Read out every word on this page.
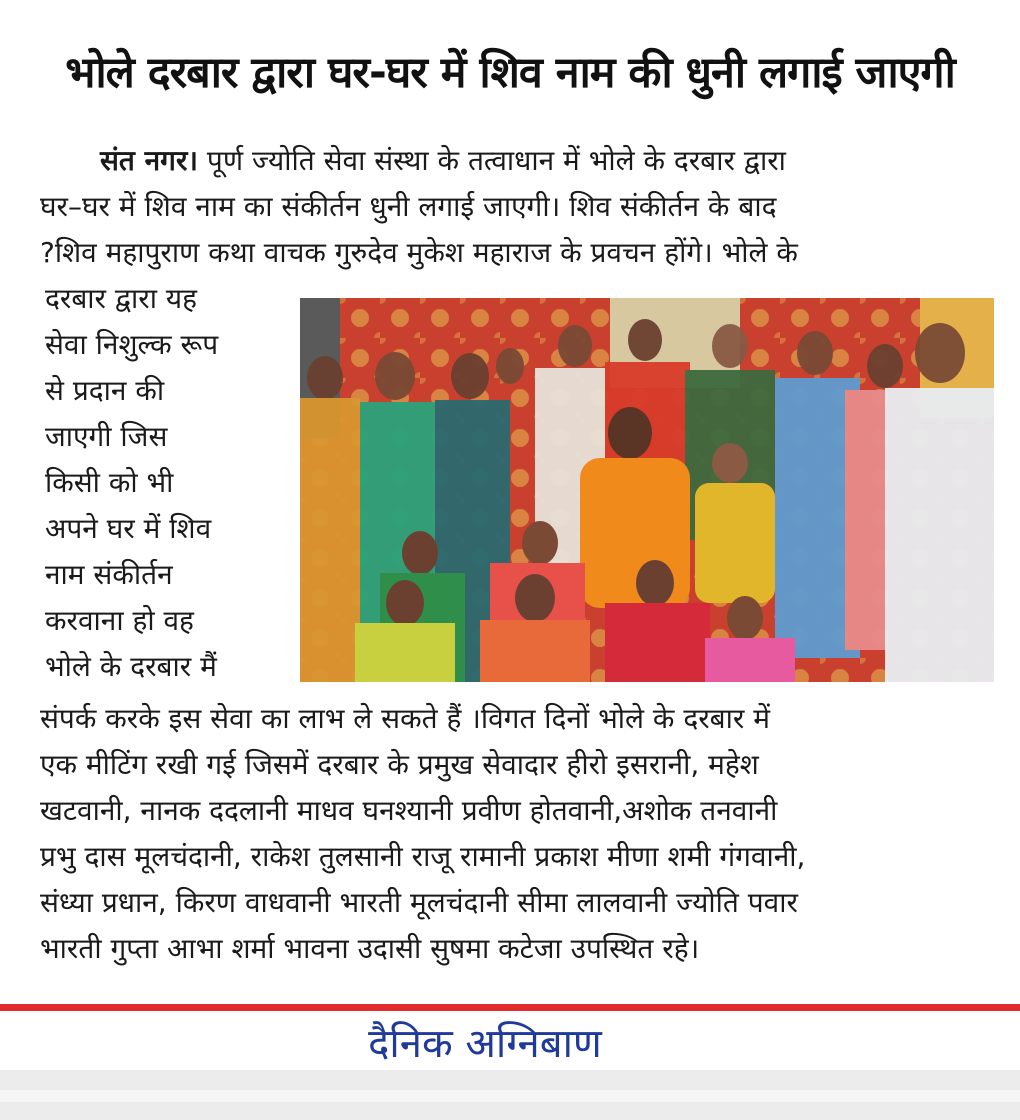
भोले दरबार द्वारा घर-घर में शिव नाम की धुनी लगाई जाएगी
संत नगर। पूर्ण ज्योति सेवा संस्था के तत्वाधान में भोले के दरबार द्वारा
घर–घर में शिव नाम का संकीर्तन धुनी लगाई जाएगी। शिव संकीर्तन के बाद
?शिव महापुराण कथा वाचक गुरुदेव मुकेश महाराज के प्रवचन होंगे। भोले के
दरबार द्वारा यह
सेवा निशुल्क रूप
से प्रदान की
जाएगी जिस
किसी को भी
अपने घर में शिव
नाम संकीर्तन
करवाना हो वह
भोले के दरबार मैं
संपर्क करके इस सेवा का लाभ ले सकते हैं ।विगत दिनों भोले के दरबार में
एक मीटिंग रखी गई जिसमें दरबार के प्रमुख सेवादार हीरो इसरानी, महेश
खटवानी, नानक ददलानी माधव घनश्यानी प्रवीण होतवानी,अशोक तनवानी
प्रभु दास मूलचंदानी, राकेश तुलसानी राजू रामानी प्रकाश मीणा शमी गंगवानी,
संध्या प्रधान, किरण वाधवानी भारती मूलचंदानी सीमा लालवानी ज्योति पवार
भारती गुप्ता आभा शर्मा भावना उदासी सुषमा कटेजा उपस्थित रहे।
दैनिक अग्निबाण
